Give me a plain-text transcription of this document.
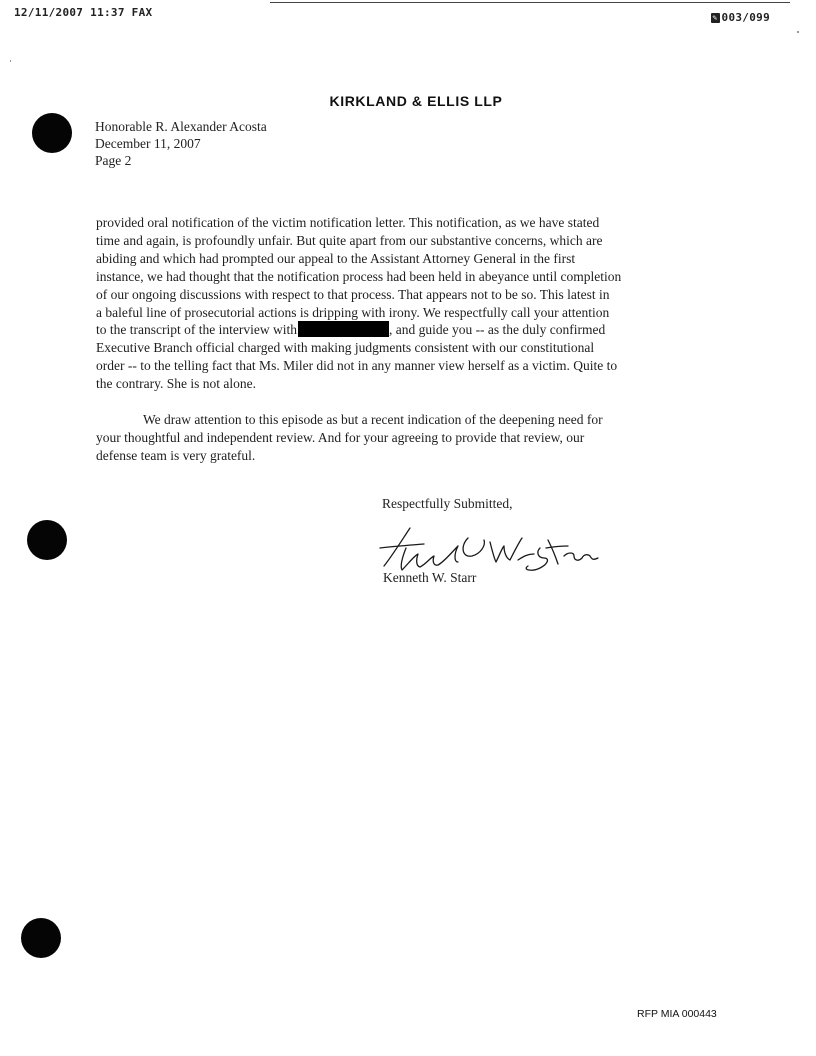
12/11/2007 11:37 FAX	✎ 003/099
KIRKLAND & ELLIS LLP
Honorable R. Alexander Acosta
December 11, 2007
Page 2
provided oral notification of the victim notification letter. This notification, as we have stated
time and again, is profoundly unfair. But quite apart from our substantive concerns, which are
abiding and which had prompted our appeal to the Assistant Attorney General in the first
instance, we had thought that the notification process had been held in abeyance until completion
of our ongoing discussions with respect to that process. That appears not to be so. This latest in
a baleful line of prosecutorial actions is dripping with irony. We respectfully call your attention
to the transcript of the interview with	, and guide you -- as the duly confirmed
Executive Branch official charged with making judgments consistent with our constitutional
order -- to the telling fact that Ms. Miler did not in any manner view herself as a victim. Quite to
the contrary. She is not alone.
We draw attention to this episode as but a recent indication of the deepening need for
your thoughtful and independent review. And for your agreeing to provide that review, our
defense team is very grateful.
Respectfully Submitted,
Kenneth W. Starr
RFP MIA 000443
